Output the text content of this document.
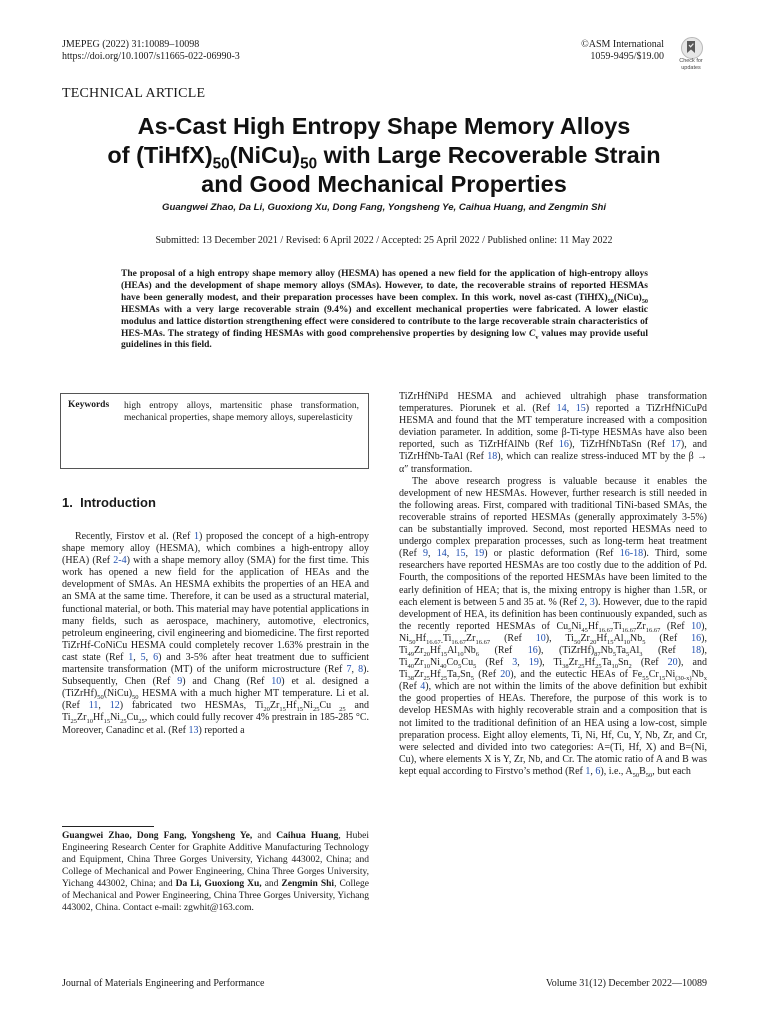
JMEPEG (2022) 31:10089–10098
https://doi.org/10.1007/s11665-022-06990-3
©ASM International
1059-9495/$19.00	Check for
updates
TECHNICAL ARTICLE
As-Cast High Entropy Shape Memory Alloys
of $(TiHfX)_{50}(NiCu)_{50}$ with Large Recoverable Strain
and Good Mechanical Properties
Guangwei Zhao, Da Li, Guoxiong Xu, Dong Fang, Yongsheng Ye, Caihua Huang, and Zengmin Shi
Submitted: 13 December 2021 / Revised: 6 April 2022 / Accepted: 25 April 2022 / Published online: 11 May 2022
The proposal of a high entropy shape memory alloy (HESMA) has opened a new field for the application of high-entropy alloys (HEAs) and the development of shape memory alloys (SMAs). However, to date, the recoverable strains of reported HESMAs have been generally modest, and their preparation processes have been complex. In this work, novel as-cast $(TiHfX)_{50}(NiCu)_{50}$ HESMAs with a very large recoverable strain (9.4%) and excellent mechanical properties were fabricated. A lower elastic modulus and lattice distortion strengthening effect were considered to contribute to the large recoverable strain characteristics of HES-MAs. The strategy of finding HESMAs with good comprehensive properties by designing low $C_v$ values may provide useful guidelines in this field.
Keywords high entropy alloys, martensitic phase transformation, mechanical properties, shape memory alloys, superelasticity
1. Introduction

Recently, Firstov et al. (Ref 1) proposed the concept of a high-entropy shape memory alloy (HESMA), which combines a high-entropy alloy (HEA) (Ref 2-4) with a shape memory alloy (SMA) for the first time. This work has opened a new field for the application of HEAs and the development of SMAs. An HESMA exhibits the properties of an HEA and an SMA at the same time. Therefore, it can be used as a structural material, functional material, or both. This material may have potential applications in many fields, such as aerospace, machinery, automotive, electronics, petroleum engineering, civil engineering and biomedicine. The first reported TiZrHf-CoNiCu HESMA could completely recover 1.63% prestrain in the cast state (Ref 1, 5, 6) and 3-5% after heat treatment due to sufficient martensite transformation (MT) of the uniform microstructure (Ref 7, 8). Subsequently, Chen (Ref 9) and Chang (Ref 10) et al. designed a $(TiZrHf)_{50}(NiCu)_{50}$ HESMA with a much higher MT temperature. Li et al. (Ref 11, 12) fabricated two HESMAs, $Ti_{20}Zr_{15}Hf_{15}Ni_{25}Cu$ $_{25}$ and $Ti_{25}Zr_{10}Hf_{15}Ni_{25}Cu_{25}$, which could fully recover 4% prestrain in 185-285 °C. Moreover, Canadinc et al. (Ref 13) reported a

Guangwei Zhao, Dong Fang, Yongsheng Ye, and Caihua Huang, Hubei Engineering Research Center for Graphite Additive Manufacturing Technology and Equipment, China Three Gorges University, Yichang 443002, China; and College of Mechanical and Power Engineering, China Three Gorges University, Yichang 443002, China; and Da Li, Guoxiong Xu, and Zengmin Shi, College of Mechanical and Power Engineering, China Three Gorges University, Yichang 443002, China. Contact e-mail: zgwhit@163.com.

TiZrHfNiPd HESMA and achieved ultrahigh phase transformation temperatures. Piorunek et al. (Ref 14, 15) reported a TiZrHfNiCuPd HESMA and found that the MT temperature increased with a composition deviation parameter. In addition, some β-Ti-type HESMAs have also been reported, such as TiZrHfAlNb (Ref 16), TiZrHfNbTaSn (Ref 17), and TiZrHfNb-TaAl (Ref 18), which can realize stress-induced MT by the β → α″ transformation.

The above research progress is valuable because it enables the development of new HESMAs. However, further research is still needed in the following areas. First, compared with traditional TiNi-based SMAs, the recoverable strains of reported HESMAs (generally approximately 3-5%) can be substantially improved. Second, most reported HESMAs need to undergo complex preparation processes, such as long-term heat treatment (Ref 9, 14, 15, 19) or plastic deformation (Ref 16-18). Third, some researchers have reported HESMAs are too costly due to the addition of Pd. Fourth, the compositions of the reported HESMAs have been limited to the early definition of HEA; that is, the mixing entropy is higher than 1.5R, or each element is between 5 and 35 at. % (Ref 2, 3). However, due to the rapid development of HEA, its definition has been continuously expanded, such as the recently reported HESMAs of $Cu_5Ni_{45}Hf_{16.67}Ti_{16.67}Zr_{16.67}$ (Ref 10), $Ni_{50}Hf_{16.67-}Ti_{16.67}Zr_{16.67}$ (Ref 10), $Ti_{50}Zr_{20}Hf_{15}Al_{10}Nb_5$ (Ref 16), $Ti_{49}Zr_{20}Hf_{15}Al_{10}Nb_6$ (Ref 16), $(TiZrHf)_{87}Nb_5Ta_5Al_3$ (Ref 18), $Ti_{40}Zr_{10}Ni_{40}Co_5Cu_5$ (Ref 3, 19), $Ti_{38}Zr_{25}Hf_{25}Ta_{10}Sn_2$ (Ref 20), and $Ti_{38}Zr_{25}Hf_{25}Ta_7Sn_5$ (Ref 20), and the eutectic HEAs of $Fe_{55}Cr_{15}Ni_{(30-x)}Nb_x$ (Ref 4), which are not within the limits of the above definition but exhibit the good properties of HEAs. Therefore, the purpose of this work is to develop HESMAs with highly recoverable strain and a composition that is not limited to the traditional definition of an HEA using a low-cost, simple preparation process. Eight alloy elements, Ti, Ni, Hf, Cu, Y, Nb, Zr, and Cr, were selected and divided into two categories: A=(Ti, Hf, X) and B=(Ni, Cu), where elements X is Y, Zr, Nb, and Cr. The atomic ratio of A and B was kept equal according to Firstvo’s method (Ref 1, 6), i.e., $A_{50}B_{50}$, but each

Journal of Materials Engineering and Performance	Volume 31(12) December 2022—10089
